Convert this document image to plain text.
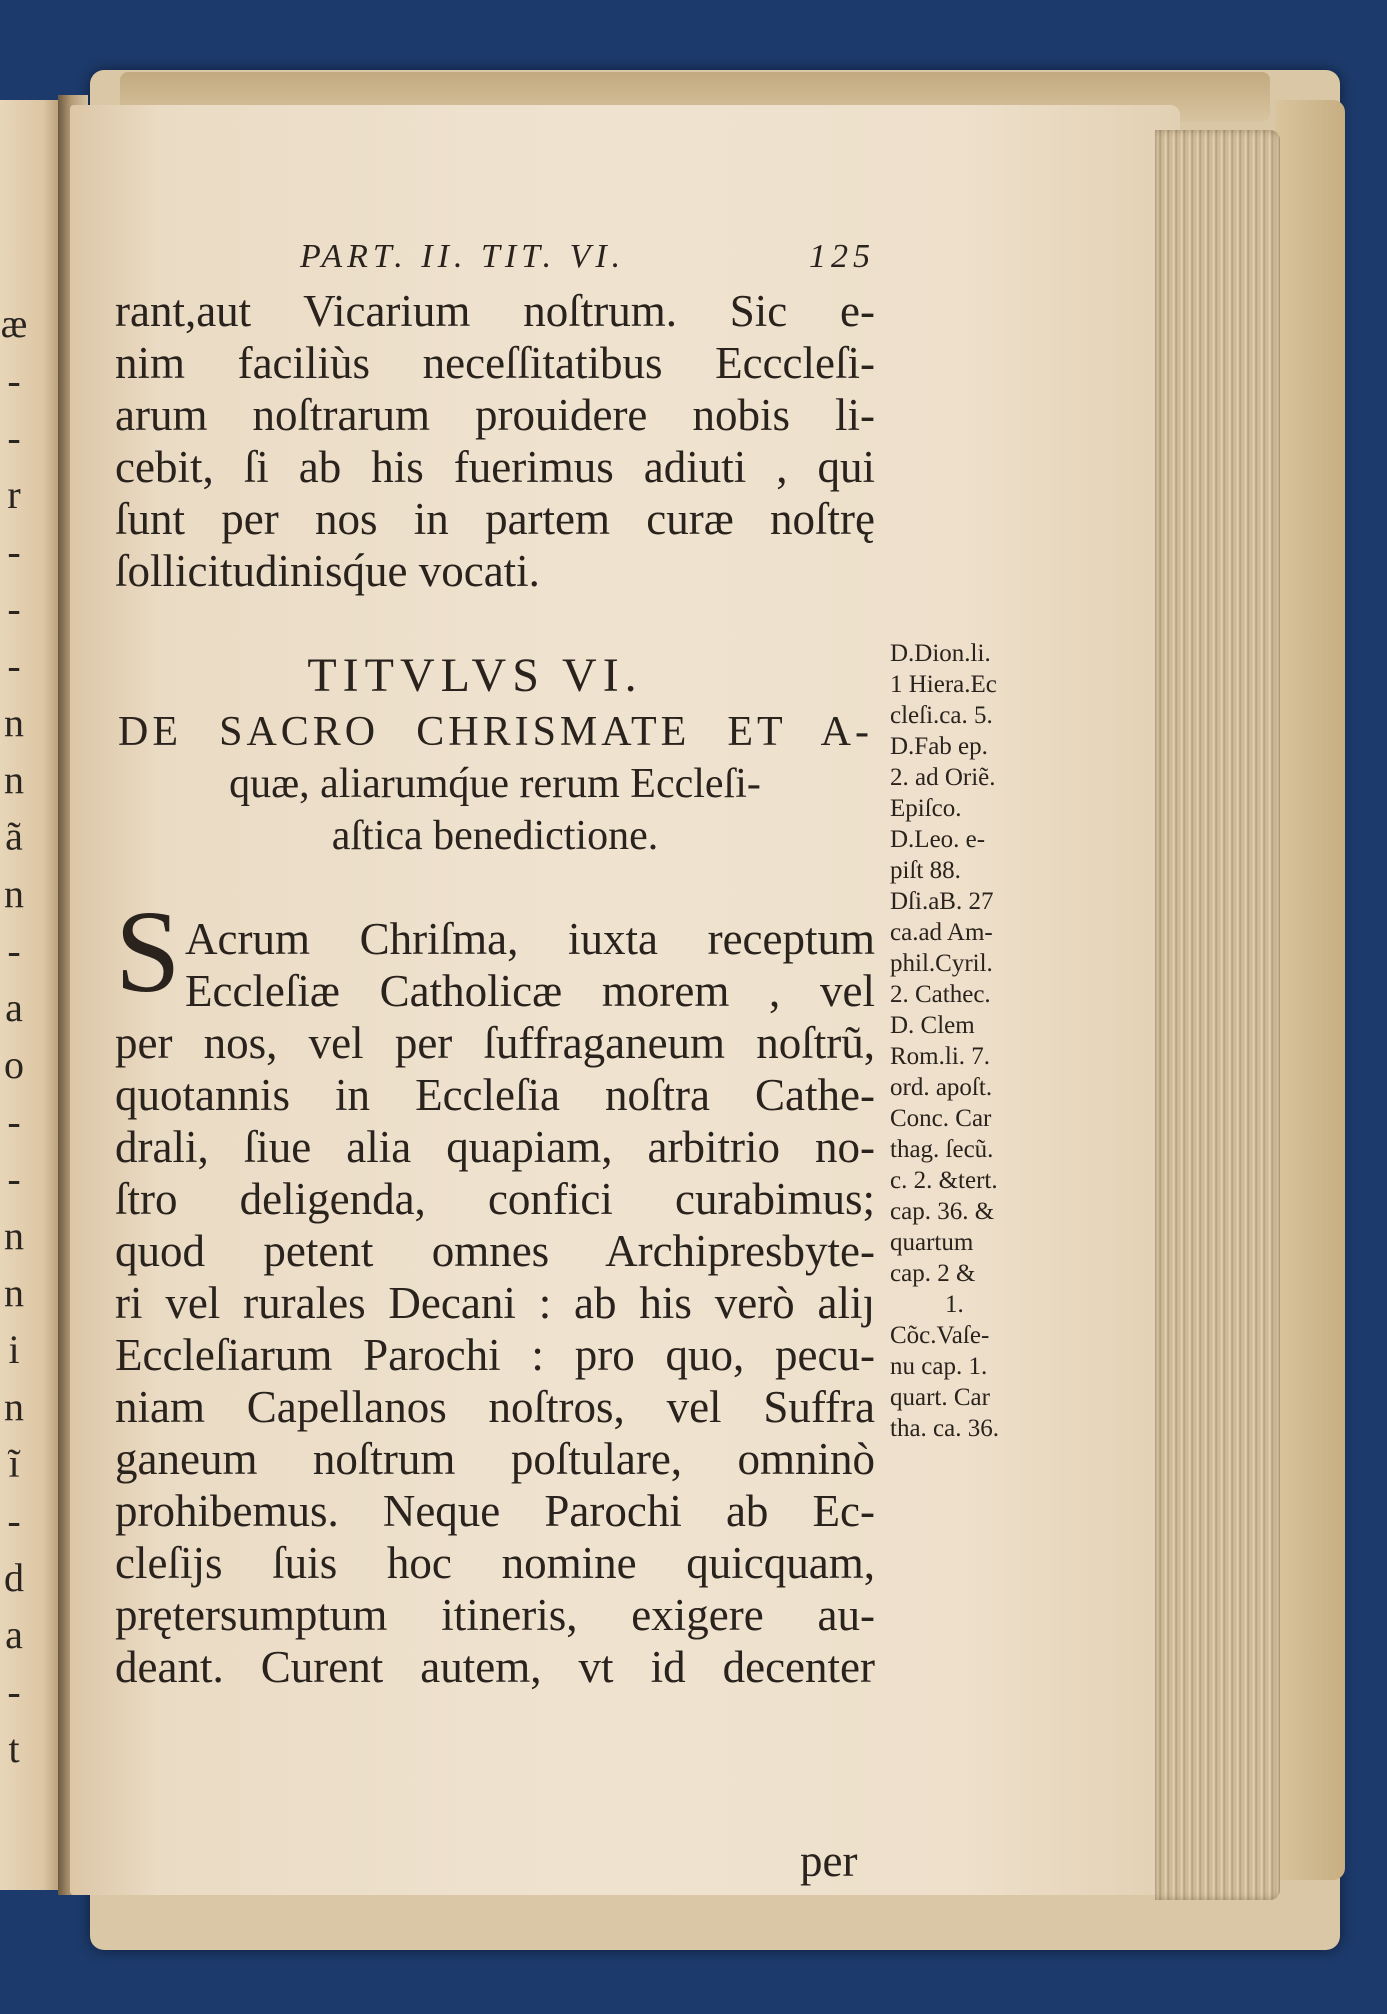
æ
-
-
r
-
-
-
n
n
ã
n
-
a
o
-
-
n
n
i
n
ĩ
-
d
a
-
t
PART. II. TIT. VI.	125
rant,aut Vicarium noſtrum. Sic e-
nim faciliùs neceſſitatibus Ecccleſi-
arum noſtrarum prouidere nobis li-
cebit, ſi ab his fuerimus adiuti , qui
ſunt per nos in partem curæ noſtrę
ſollicitudinisq́ue vocati.
TITVLVS VI.
DE SACRO CHRISMATE ET A-
quæ, aliarumq́ue rerum Eccleſi-
aſtica benedictione.
S Acrum Chriſma, iuxta receptum
Eccleſiæ Catholicæ morem , vel
per nos, vel per ſuffraganeum noſtrũ,
quotannis in Eccleſia noſtra Cathe-
drali, ſiue alia quapiam, arbitrio no-
ſtro deligenda, confici curabimus;
quod petent omnes Archipresbyte-
ri vel rurales Decani : ab his verò aliȷ
Eccleſiarum Parochi : pro quo, pecu-
niam Capellanos noſtros, vel Suffra
ganeum noſtrum poſtulare, omninò
prohibemus. Neque Parochi ab Ec-
cleſijs ſuis hoc nomine quicquam,
prętersumptum itineris, exigere au-
deant. Curent autem, vt id decenter
per
D.Dion.li.
1 Hiera.Ec
cleſi.ca. 5.
D.Fab ep.
2. ad Oriẽ.
Epiſco.
D.Leo. e-
piſt 88.
Dſi.aB. 27
ca.ad Am-
phil.Cyril.
2. Cathec.
D. Clem
Rom.li. 7.
ord. apoſt.
Conc. Car
thag. ſecũ.
c. 2. &tert.
cap. 36. &
quartum
cap. 2 &
1.
Cõc.Vaſe-
nu cap. 1.
quart. Car
tha. ca. 36.
